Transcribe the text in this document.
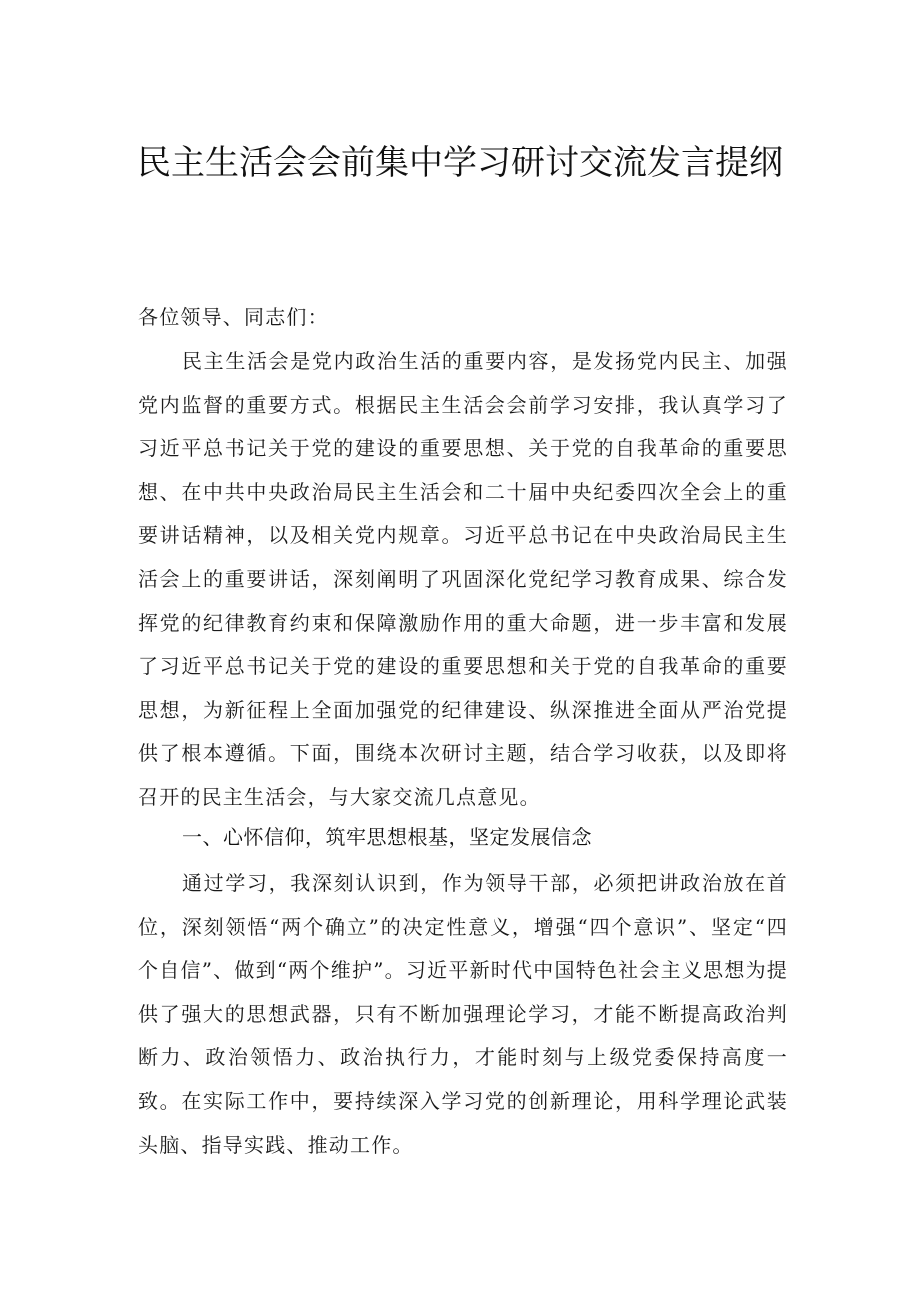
民主生活会会前集中学习研讨交流发言提纲

各位领导、同志们：

民主生活会是党内政治生活的重要内容，是发扬党内民主、加强党内监督的重要方式。根据民主生活会会前学习安排，我认真学习了习近平总书记关于党的建设的重要思想、关于党的自我革命的重要思想、在中共中央政治局民主生活会和二十届中央纪委四次全会上的重要讲话精神，以及相关党内规章。习近平总书记在中央政治局民主生活会上的重要讲话，深刻阐明了巩固深化党纪学习教育成果、综合发挥党的纪律教育约束和保障激励作用的重大命题，进一步丰富和发展了习近平总书记关于党的建设的重要思想和关于党的自我革命的重要思想，为新征程上全面加强党的纪律建设、纵深推进全面从严治党提供了根本遵循。下面，围绕本次研讨主题，结合学习收获，以及即将召开的民主生活会，与大家交流几点意见。

一、心怀信仰，筑牢思想根基，坚定发展信念

通过学习，我深刻认识到，作为领导干部，必须把讲政治放在首位，深刻领悟“两个确立”的决定性意义，增强“四个意识”、坚定“四个自信”、做到“两个维护”。习近平新时代中国特色社会主义思想为提供了强大的思想武器，只有不断加强理论学习，才能不断提高政治判断力、政治领悟力、政治执行力，才能时刻与上级党委保持高度一致。在实际工作中，要持续深入学习党的创新理论，用科学理论武装头脑、指导实践、推动工作。
